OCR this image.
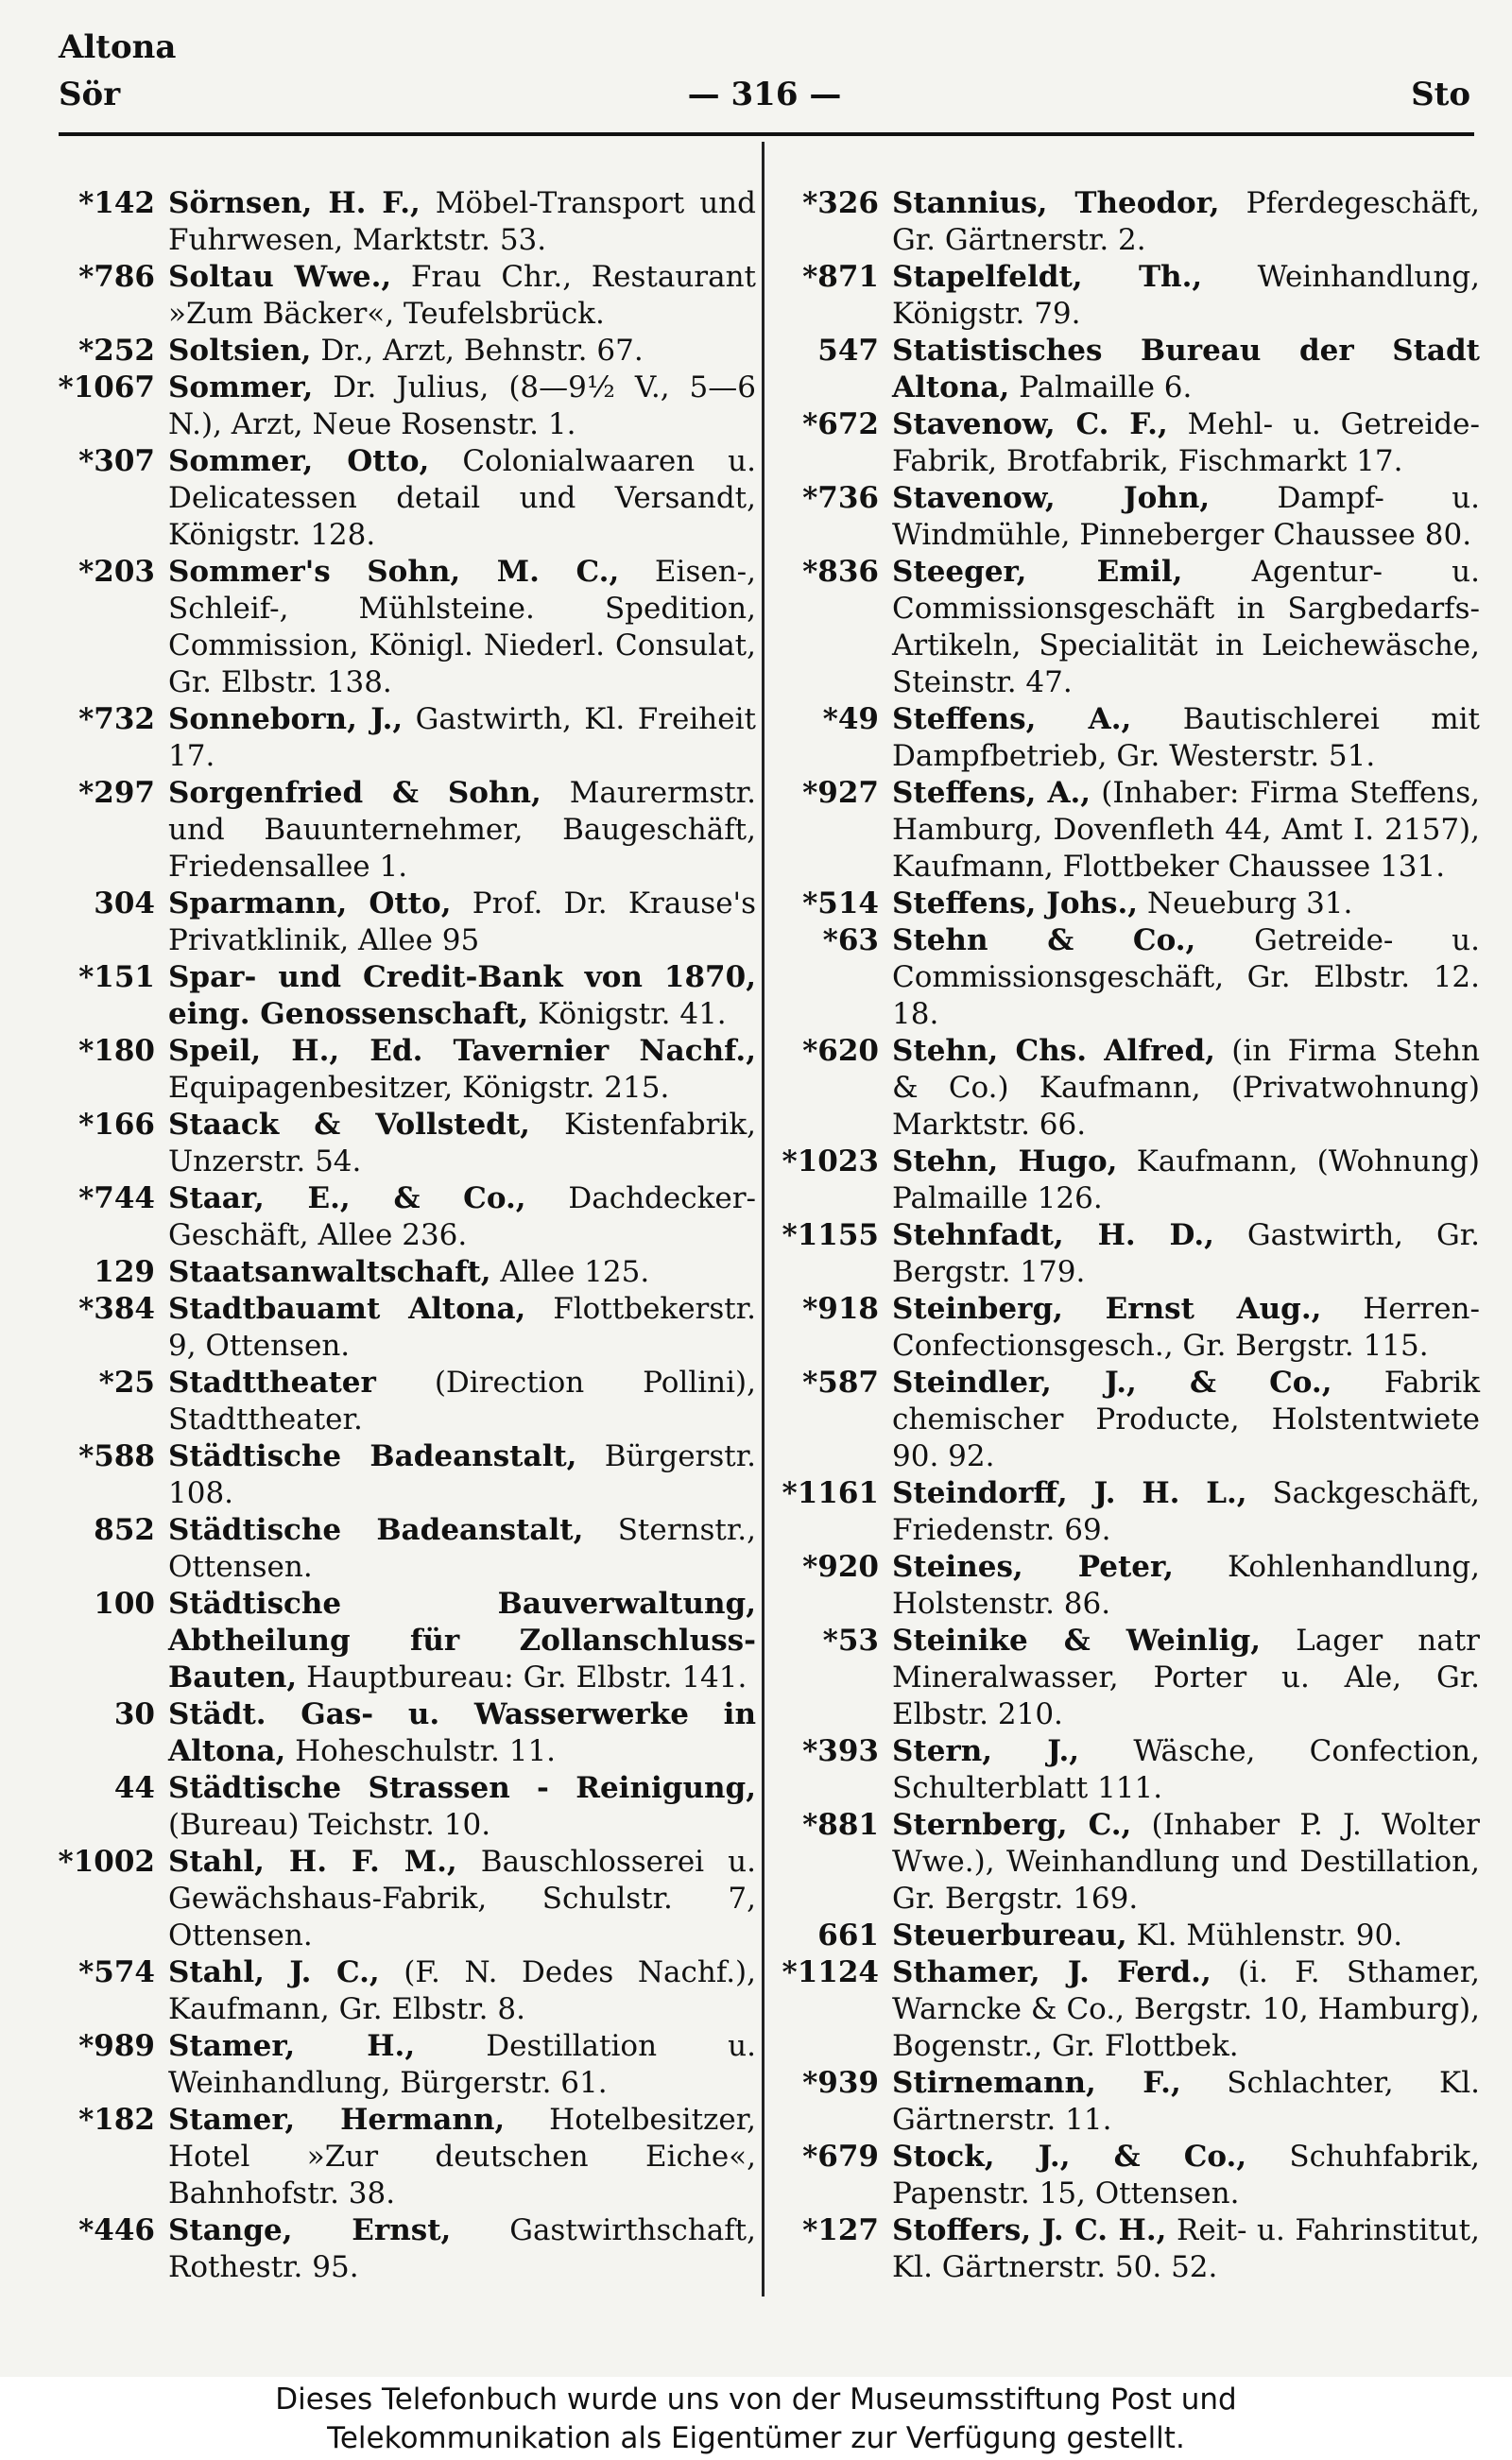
Altona
Sör	— 316 —	Sto
*142 Sörnsen, H. F., Möbel-Transport und Fuhrwesen, Marktstr. 53.
*786 Soltau Wwe., Frau Chr., Restaurant »Zum Bäcker«, Teufelsbrück.
*252 Soltsien, Dr., Arzt, Behnstr. 67.
*1067 Sommer, Dr. Julius, (8—9½ V., 5—6 N.), Arzt, Neue Rosenstr. 1.
*307 Sommer, Otto, Colonialwaaren u. Delicatessen detail und Versandt, Königstr. 128.
*203 Sommer's Sohn, M. C., Eisen-, Schleif-, Mühlsteine. Spedition, Commission, Königl. Niederl. Consulat, Gr. Elbstr. 138.
*732 Sonneborn, J., Gastwirth, Kl. Freiheit 17.
*297 Sorgenfried & Sohn, Maurermstr. und Bauunternehmer, Baugeschäft, Friedensallee 1.
304 Sparmann, Otto, Prof. Dr. Krause's Privatklinik, Allee 95
*151 Spar- und Credit-Bank von 1870, eing. Genossenschaft, Königstr. 41.
*180 Speil, H., Ed. Tavernier Nachf., Equipagenbesitzer, Königstr. 215.
*166 Staack & Vollstedt, Kistenfabrik, Unzerstr. 54.
*744 Staar, E., & Co., Dachdecker-Geschäft, Allee 236.
129 Staatsanwaltschaft, Allee 125.
*384 Stadtbauamt Altona, Flottbekerstr. 9, Ottensen.
*25 Stadttheater (Direction Pollini), Stadttheater.
*588 Städtische Badeanstalt, Bürgerstr. 108.
852 Städtische Badeanstalt, Sternstr., Ottensen.
100 Städtische Bauverwaltung, Abtheilung für Zollanschluss-Bauten, Hauptbureau: Gr. Elbstr. 141.
30 Städt. Gas- u. Wasserwerke in Altona, Hoheschulstr. 11.
44 Städtische Strassen - Reinigung, (Bureau) Teichstr. 10.
*1002 Stahl, H. F. M., Bauschlosserei u. Gewächshaus-Fabrik, Schulstr. 7, Ottensen.
*574 Stahl, J. C., (F. N. Dedes Nachf.), Kaufmann, Gr. Elbstr. 8.
*989 Stamer, H., Destillation u. Weinhandlung, Bürgerstr. 61.
*182 Stamer, Hermann, Hotelbesitzer, Hotel »Zur deutschen Eiche«, Bahnhofstr. 38.
*446 Stange, Ernst, Gastwirthschaft, Rothestr. 95.
*326 Stannius, Theodor, Pferdegeschäft, Gr. Gärtnerstr. 2.
*871 Stapelfeldt, Th., Weinhandlung, Königstr. 79.
547 Statistisches Bureau der Stadt Altona, Palmaille 6.
*672 Stavenow, C. F., Mehl- u. Getreide-Fabrik, Brotfabrik, Fischmarkt 17.
*736 Stavenow, John, Dampf- u. Windmühle, Pinneberger Chaussee 80.
*836 Steeger, Emil, Agentur- u. Commissionsgeschäft in Sargbedarfs-Artikeln, Specialität in Leichewäsche, Steinstr. 47.
*49 Steffens, A., Bautischlerei mit Dampfbetrieb, Gr. Westerstr. 51.
*927 Steffens, A., (Inhaber: Firma Steffens, Hamburg, Dovenfleth 44, Amt I. 2157), Kaufmann, Flottbeker Chaussee 131.
*514 Steffens, Johs., Neueburg 31.
*63 Stehn & Co., Getreide- u. Commissionsgeschäft, Gr. Elbstr. 12. 18.
*620 Stehn, Chs. Alfred, (in Firma Stehn & Co.) Kaufmann, (Privatwohnung) Marktstr. 66.
*1023 Stehn, Hugo, Kaufmann, (Wohnung) Palmaille 126.
*1155 Stehnfadt, H. D., Gastwirth, Gr. Bergstr. 179.
*918 Steinberg, Ernst Aug., Herren-Confectionsgesch., Gr. Bergstr. 115.
*587 Steindler, J., & Co., Fabrik chemischer Producte, Holstentwiete 90. 92.
*1161 Steindorff, J. H. L., Sackgeschäft, Friedenstr. 69.
*920 Steines, Peter, Kohlenhandlung, Holstenstr. 86.
*53 Steinike & Weinlig, Lager natr Mineralwasser, Porter u. Ale, Gr. Elbstr. 210.
*393 Stern, J., Wäsche, Confection, Schulterblatt 111.
*881 Sternberg, C., (Inhaber P. J. Wolter Wwe.), Weinhandlung und Destillation, Gr. Bergstr. 169.
661 Steuerbureau, Kl. Mühlenstr. 90.
*1124 Sthamer, J. Ferd., (i. F. Sthamer, Warncke & Co., Bergstr. 10, Hamburg), Bogenstr., Gr. Flottbek.
*939 Stirnemann, F., Schlachter, Kl. Gärtnerstr. 11.
*679 Stock, J., & Co., Schuhfabrik, Papenstr. 15, Ottensen.
*127 Stoffers, J. C. H., Reit- u. Fahrinstitut, Kl. Gärtnerstr. 50. 52.
Dieses Telefonbuch wurde uns von der Museumsstiftung Post und
Telekommunikation als Eigentümer zur Verfügung gestellt.
